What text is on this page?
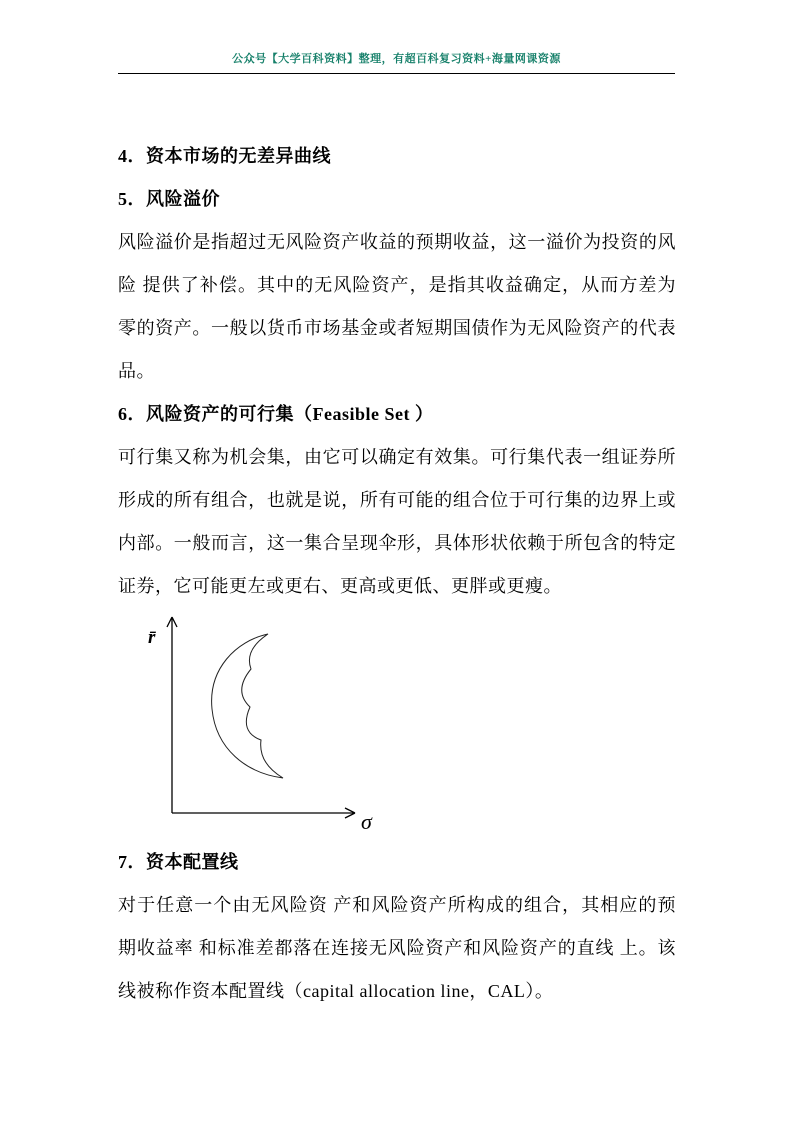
公众号【大学百科资料】整理，有超百科复习资料+海量网课资源

4．资本市场的无差异曲线

5．风险溢价

风险溢价是指超过无风险资产收益的预期收益，这一溢价为投资的风险 提供了补偿。其中的无风险资产，是指其收益确定，从而方差为零的资产。一般以货币市场基金或者短期国债作为无风险资产的代表品。

6．风险资产的可行集（Feasible Set ）

可行集又称为机会集，由它可以确定有效集。可行集代表一组证券所形成的所有组合，也就是说，所有可能的组合位于可行集的边界上或内部。一般而言，这一集合呈现伞形，具体形状依赖于所包含的特定证券，它可能更左或更右、更高或更低、更胖或更瘦。

r̄
σ

7．资本配置线

对于任意一个由无风险资 产和风险资产所构成的组合，其相应的预期收益率 和标准差都落在连接无风险资产和风险资产的直线 上。该线被称作资本配置线（capital allocation line，CAL）。
